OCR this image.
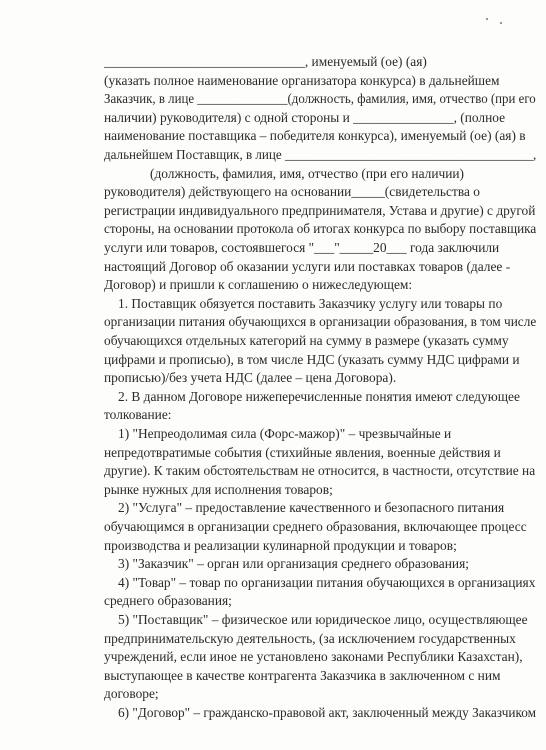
______________________________, именуемый (ое) (ая)
(указать полное наименование организатора конкурса) в дальнейшем
Заказчик, в лице ______________(должность, фамилия, имя, отчество (при его
наличии) руководителя) с одной стороны и _______________, (полное
наименование поставщика – победителя конкурса), именуемый (ое) (ая) в
дальнейшем Поставщик, в лице ______________________________________,
(должность, фамилия, имя, отчество (при его наличии)
руководителя) действующего на основании_____(свидетельства о
регистрации индивидуального предпринимателя, Устава и другие) с другой
стороны, на основании протокола об итогах конкурса по выбору поставщика
услуги или товаров, состоявшегося "___"_____20___ года заключили
настоящий Договор об оказании услуги или поставках товаров (далее -
Договор) и пришли к соглашению о нижеследующем:
1. Поставщик обязуется поставить Заказчику услугу или товары по
организации питания обучающихся в организации образования, в том числе
обучающихся отдельных категорий на сумму в размере (указать сумму
цифрами и прописью), в том числе НДС (указать сумму НДС цифрами и
прописью)/без учета НДС (далее – цена Договора).
2. В данном Договоре нижеперечисленные понятия имеют следующее
толкование:
1) "Непреодолимая сила (Форс-мажор)" – чрезвычайные и
непредотвратимые события (стихийные явления, военные действия и
другие). К таким обстоятельствам не относится, в частности, отсутствие на
рынке нужных для исполнения товаров;
2) "Услуга" – предоставление качественного и безопасного питания
обучающимся в организации среднего образования, включающее процесс
производства и реализации кулинарной продукции и товаров;
3) "Заказчик" – орган или организация среднего образования;
4) "Товар" – товар по организации питания обучающихся в организациях
среднего образования;
5) "Поставщик" – физическое или юридическое лицо, осуществляющее
предпринимательскую деятельность, (за исключением государственных
учреждений, если иное не установлено законами Республики Казахстан),
выступающее в качестве контрагента Заказчика в заключенном с ним
договоре;
6) "Договор" – гражданско-правовой акт, заключенный между Заказчиком
